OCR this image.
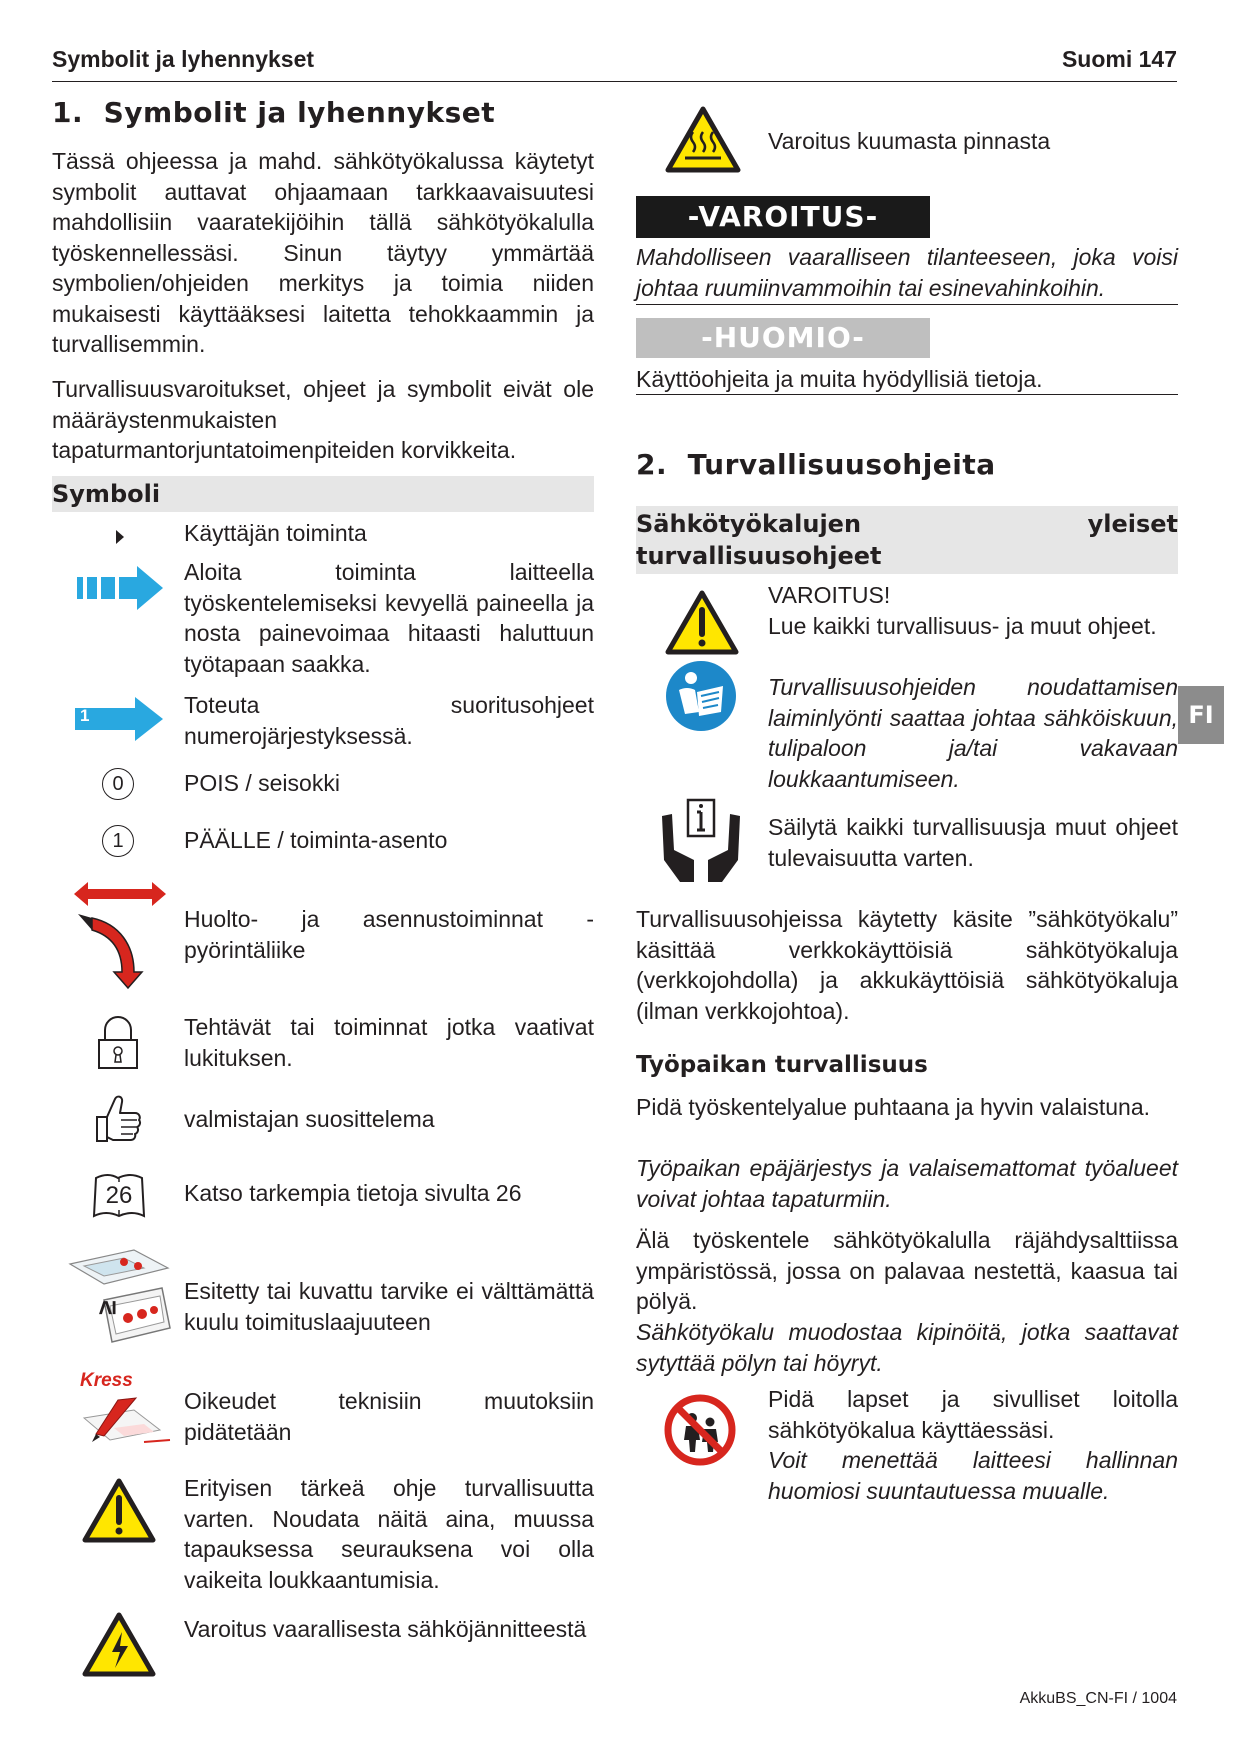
Symbolit ja lyhennykset	Suomi 147
1. Symbolit ja lyhennykset
Tässä ohjeessa ja mahd. sähkötyökalussa käytetyt symbolit auttavat ohjaamaan tarkkaavaisuutesi mahdollisiin vaaratekijöihin tällä sähkötyökalulla työskennellessäsi. Sinun täytyy ymmärtää symbolien/ohjeiden merkitys ja toimia niiden mukaisesti käyttääksesi laitetta tehokkaammin ja turvallisemmin.
Turvallisuusvaroitukset, ohjeet ja symbolit eivät ole määräystenmukaisten tapaturmantorjuntatoimenpiteiden korvikkeita.
Symboli
Käyttäjän toiminta
Aloita toiminta laitteella työskentelemiseksi kevyellä paineella ja nosta painevoimaa hitaasti haluttuun työtapaan saakka.
1	Toteuta suoritusohjeet numerojärjestyksessä.
0	POIS / seisokki
1	PÄÄLLE / toiminta-asento
Huolto- ja asennustoiminnat - pyörintäliike
Tehtävät tai toiminnat jotka vaativat lukituksen.
valmistajan suosittelema
26 Katso tarkempia tietoja sivulta 26
≥
Esitetty tai kuvattu tarvike ei välttämättä kuulu toimituslaajuuteen
Kress
Oikeudet teknisiin muutoksiin pidätetään
Erityisen tärkeä ohje turvallisuutta varten. Noudata näitä aina, muussa tapauksessa seurauksena voi olla vaikeita loukkaantumisia.
Varoitus vaarallisesta sähköjännitteestä
Varoitus kuumasta pinnasta
-VAROITUS-
Mahdolliseen vaaralliseen tilanteeseen, joka voisi johtaa ruumiinvammoihin tai esinevahinkoihin.
-HUOMIO-
Käyttöohjeita ja muita hyödyllisiä tietoja.
2. Turvallisuusohjeita
Sähkötyökalujen yleiset turvallisuusohjeet
VAROITUS!
Lue kaikki turvallisuus- ja muut ohjeet.
Turvallisuusohjeiden noudattamisen laiminlyönti saattaa johtaa sähköiskuun, tulipaloon ja/tai vakavaan loukkaantumiseen.
Säilytä kaikki turvallisuusja muut ohjeet tulevaisuutta varten.
Turvallisuusohjeissa käytetty käsite ”sähkötyökalu” käsittää verkkokäyttöisiä sähkötyökaluja (verkkojohdolla) ja akkukäyttöisiä sähkötyökaluja (ilman verkkojohtoa).
Työpaikan turvallisuus
Pidä työskentelyalue puhtaana ja hyvin valaistuna.
Työpaikan epäjärjestys ja valaisemattomat työalueet voivat johtaa tapaturmiin.
Älä työskentele sähkötyökalulla räjähdysalttiissa ympäristössä, jossa on palavaa nestettä, kaasua tai pölyä.
Sähkötyökalu muodostaa kipinöitä, jotka saattavat sytyttää pölyn tai höyryt.
Pidä lapset ja sivulliset loitolla sähkötyökalua käyttäessäsi.
Voit menettää laitteesi hallinnan huomiosi suuntautuessa muualle.
FI
AkkuBS_CN-FI / 1004
